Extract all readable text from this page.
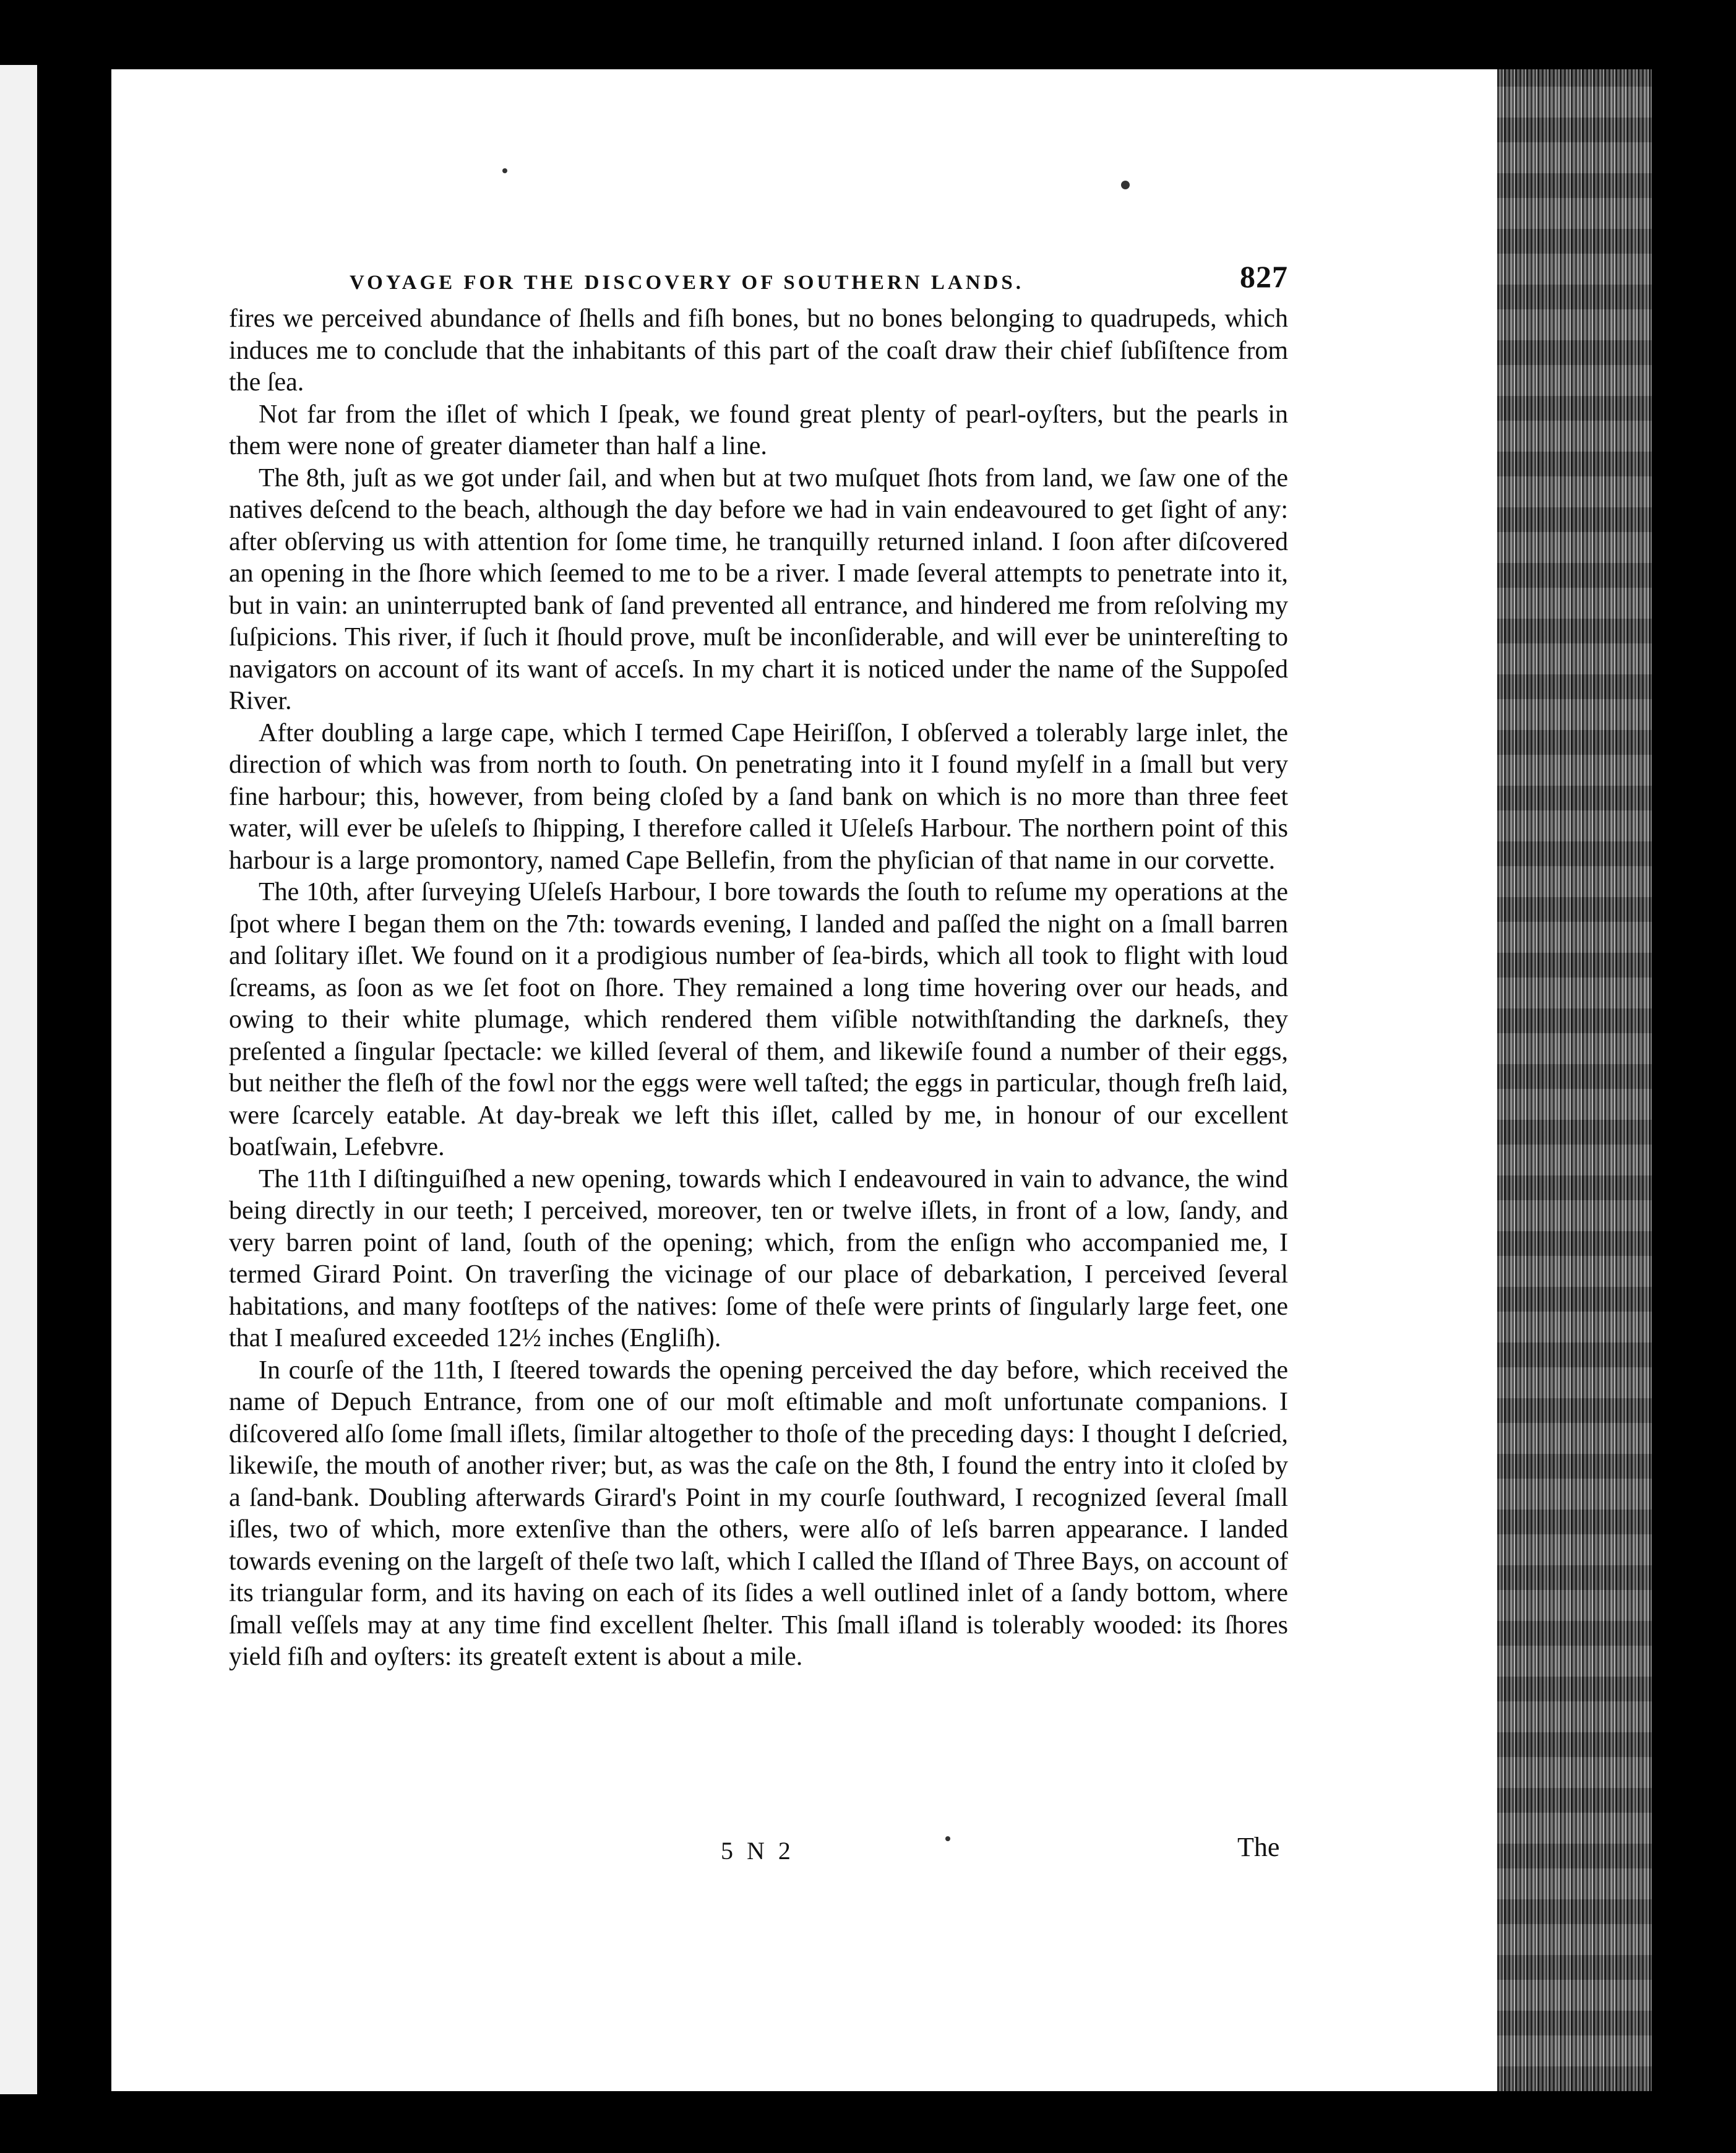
VOYAGE FOR THE DISCOVERY OF SOUTHERN LANDS.	827

fires we perceived abundance of ſhells and fiſh bones, but no bones belonging to quadrupeds, which induces me to conclude that the inhabitants of this part of the coaſt draw their chief ſubſiſtence from the ſea.

Not far from the iſlet of which I ſpeak, we found great plenty of pearl-oyſters, but the pearls in them were none of greater diameter than half a line.

The 8th, juſt as we got under ſail, and when but at two muſquet ſhots from land, we ſaw one of the natives deſcend to the beach, although the day before we had in vain endeavoured to get ſight of any: after obſerving us with attention for ſome time, he tranquilly returned inland. I ſoon after diſcovered an opening in the ſhore which ſeemed to me to be a river. I made ſeveral attempts to penetrate into it, but in vain: an uninterrupted bank of ſand prevented all entrance, and hindered me from reſolving my ſuſpicions. This river, if ſuch it ſhould prove, muſt be inconſiderable, and will ever be unintereſting to navigators on account of its want of acceſs. In my chart it is noticed under the name of the Suppoſed River.

After doubling a large cape, which I termed Cape Heiriſſon, I obſerved a tolerably large inlet, the direction of which was from north to ſouth. On penetrating into it I found myſelf in a ſmall but very fine harbour; this, however, from being cloſed by a ſand bank on which is no more than three feet water, will ever be uſeleſs to ſhipping, I therefore called it Uſeleſs Harbour. The northern point of this harbour is a large promontory, named Cape Bellefin, from the phyſician of that name in our corvette.

The 10th, after ſurveying Uſeleſs Harbour, I bore towards the ſouth to reſume my operations at the ſpot where I began them on the 7th: towards evening, I landed and paſſed the night on a ſmall barren and ſolitary iſlet. We found on it a prodigious number of ſea-birds, which all took to flight with loud ſcreams, as ſoon as we ſet foot on ſhore. They remained a long time hovering over our heads, and owing to their white plumage, which rendered them viſible notwithſtanding the darkneſs, they preſented a ſingular ſpectacle: we killed ſeveral of them, and likewiſe found a number of their eggs, but neither the fleſh of the fowl nor the eggs were well taſted; the eggs in particular, though freſh laid, were ſcarcely eatable. At day-break we left this iſlet, called by me, in honour of our excellent boatſwain, Lefebvre.

The 11th I diſtinguiſhed a new opening, towards which I endeavoured in vain to advance, the wind being directly in our teeth; I perceived, moreover, ten or twelve iſlets, in front of a low, ſandy, and very barren point of land, ſouth of the opening; which, from the enſign who accompanied me, I termed Girard Point. On traverſing the vicinage of our place of debarkation, I perceived ſeveral habitations, and many footſteps of the natives: ſome of theſe were prints of ſingularly large feet, one that I meaſured exceeded 12½ inches (Engliſh).

In courſe of the 11th, I ſteered towards the opening perceived the day before, which received the name of Depuch Entrance, from one of our moſt eſtimable and moſt unfortunate companions. I diſcovered alſo ſome ſmall iſlets, ſimilar altogether to thoſe of the preceding days: I thought I deſcried, likewiſe, the mouth of another river; but, as was the caſe on the 8th, I found the entry into it cloſed by a ſand-bank. Doubling afterwards Girard's Point in my courſe ſouthward, I recognized ſeveral ſmall iſles, two of which, more extenſive than the others, were alſo of leſs barren appearance. I landed towards evening on the largeſt of theſe two laſt, which I called the Iſland of Three Bays, on account of its triangular form, and its having on each of its ſides a well outlined inlet of a ſandy bottom, where ſmall veſſels may at any time find excellent ſhelter. This ſmall iſland is tolerably wooded: its ſhores yield fiſh and oyſters: its greateſt extent is about a mile.

5 N 2	The
